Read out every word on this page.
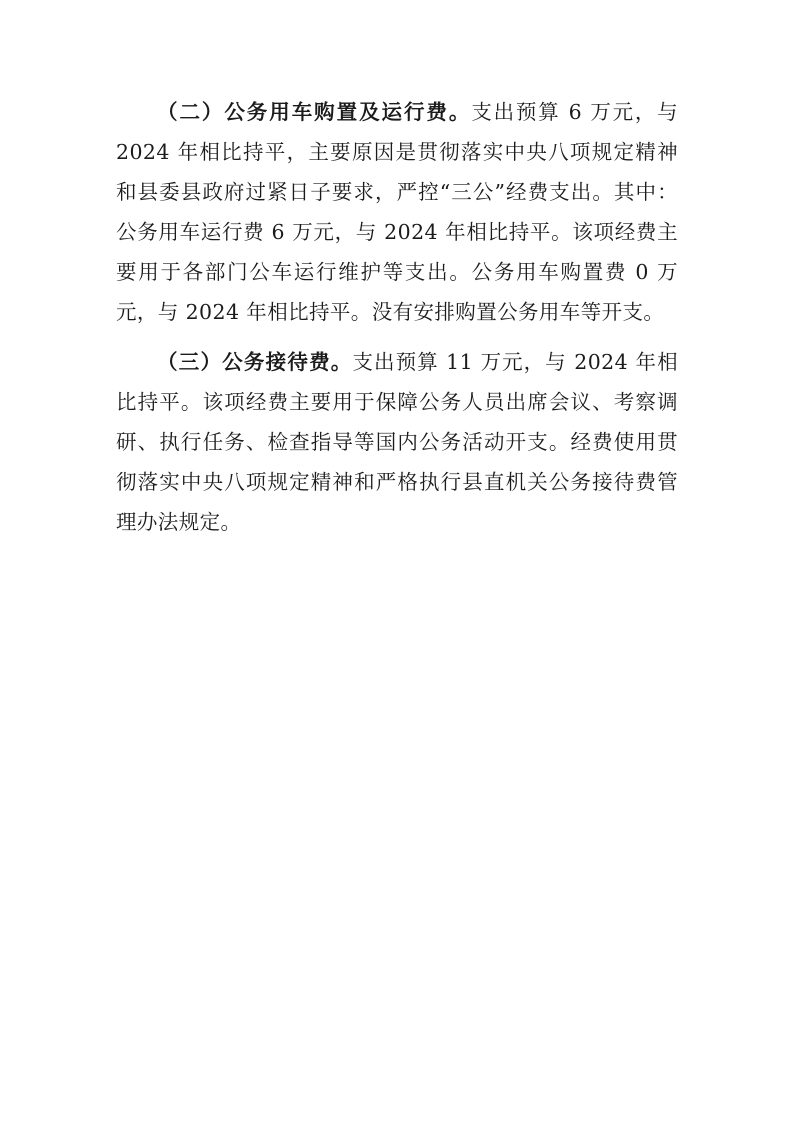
（二）公务用车购置及运行费。支出预算 6 万元，与 2024 年相比持平，主要原因是贯彻落实中央八项规定精神和县委县政府过紧日子要求，严控“三公”经费支出。其中：公务用车运行费 6 万元，与 2024 年相比持平。该项经费主要用于各部门公车运行维护等支出。公务用车购置费 0 万元，与 2024 年相比持平。没有安排购置公务用车等开支。

（三）公务接待费。支出预算 11 万元，与 2024 年相比持平。该项经费主要用于保障公务人员出席会议、考察调研、执行任务、检查指导等国内公务活动开支。经费使用贯彻落实中央八项规定精神和严格执行县直机关公务接待费管理办法规定。
